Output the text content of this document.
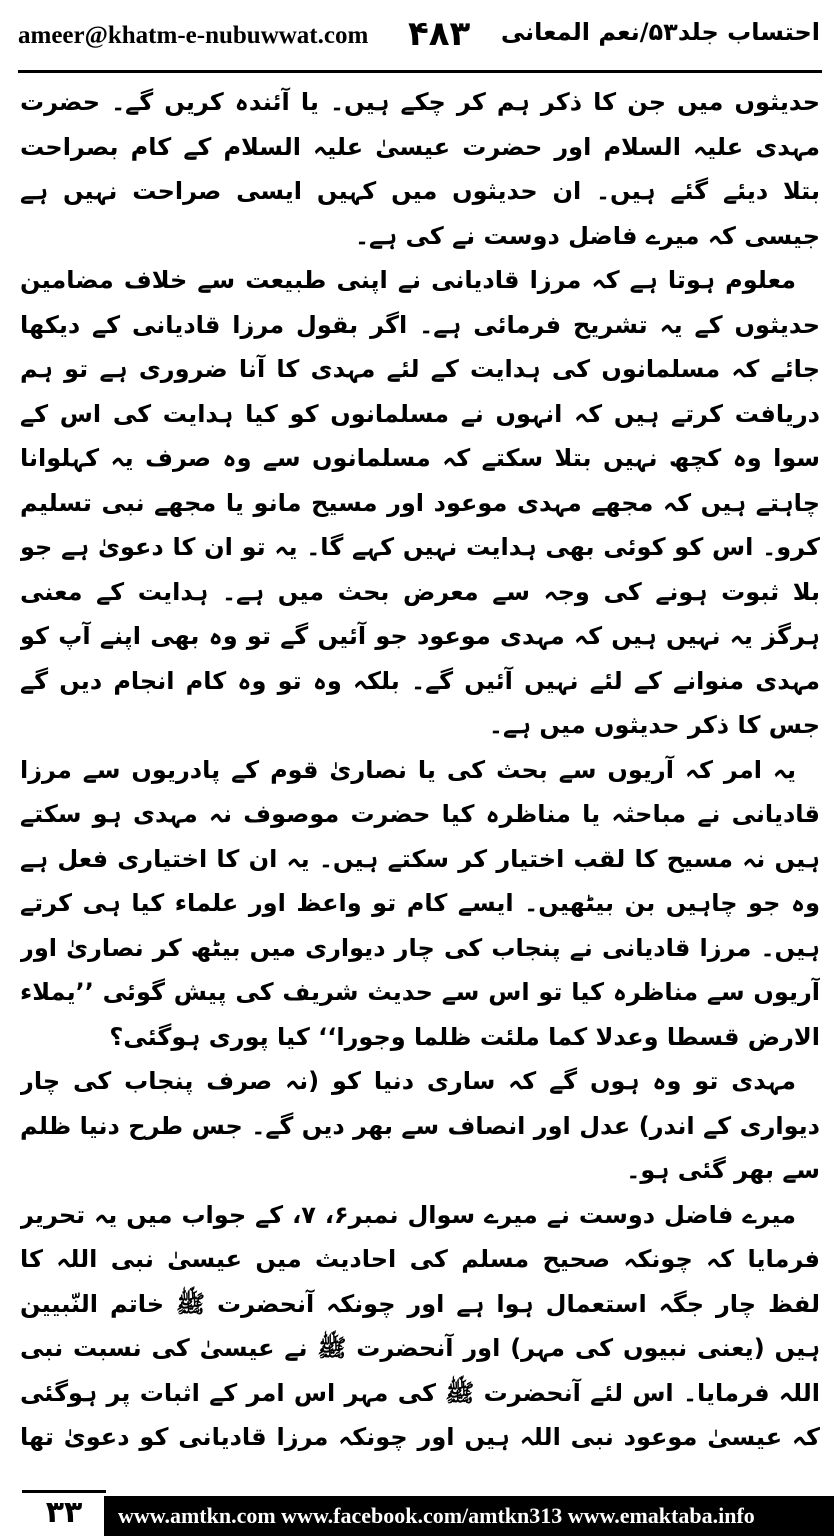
ameer@khatm-e-nubuwwat.com ۴۸۳ احتساب جلد۵۳/نعم المعانی

حدیثوں میں جن کا ذکر ہم کر چکے ہیں۔ یا آئندہ کریں گے۔ حضرت مہدی علیہ السلام اور حضرت عیسیٰ علیہ السلام کے کام بصراحت بتلا دیئے گئے ہیں۔ ان حدیثوں میں کہیں ایسی صراحت نہیں ہے جیسی کہ میرے فاضل دوست نے کی ہے۔

معلوم ہوتا ہے کہ مرزا قادیانی نے اپنی طبیعت سے خلاف مضامین حدیثوں کے یہ تشریح فرمائی ہے۔ اگر بقول مرزا قادیانی کے دیکھا جائے کہ مسلمانوں کی ہدایت کے لئے مہدی کا آنا ضروری ہے تو ہم دریافت کرتے ہیں کہ انہوں نے مسلمانوں کو کیا ہدایت کی اس کے سوا وہ کچھ نہیں بتلا سکتے کہ مسلمانوں سے وہ صرف یہ کہلوانا چاہتے ہیں کہ مجھے مہدی موعود اور مسیح مانو یا مجھے نبی تسلیم کرو۔ اس کو کوئی بھی ہدایت نہیں کہے گا۔ یہ تو ان کا دعویٰ ہے جو بلا ثبوت ہونے کی وجہ سے معرض بحث میں ہے۔ ہدایت کے معنی ہرگز یہ نہیں ہیں کہ مہدی موعود جو آئیں گے تو وہ بھی اپنے آپ کو مہدی منوانے کے لئے نہیں آئیں گے۔ بلکہ وہ تو وہ کام انجام دیں گے جس کا ذکر حدیثوں میں ہے۔

یہ امر کہ آریوں سے بحث کی یا نصاریٰ قوم کے پادریوں سے مرزا قادیانی نے مباحثہ یا مناظرہ کیا حضرت موصوف نہ مہدی ہو سکتے ہیں نہ مسیح کا لقب اختیار کر سکتے ہیں۔ یہ ان کا اختیاری فعل ہے وہ جو چاہیں بن بیٹھیں۔ ایسے کام تو واعظ اور علماء کیا ہی کرتے ہیں۔ مرزا قادیانی نے پنجاب کی چار دیواری میں بیٹھ کر نصاریٰ اور آریوں سے مناظرہ کیا تو اس سے حدیث شریف کی پیش گوئی ’’یملاء الارض قسطا وعدلا کما ملئت ظلما وجورا‘‘ کیا پوری ہوگئی؟

مہدی تو وہ ہوں گے کہ ساری دنیا کو (نہ صرف پنجاب کی چار دیواری کے اندر) عدل اور انصاف سے بھر دیں گے۔ جس طرح دنیا ظلم سے بھر گئی ہو۔

میرے فاضل دوست نے میرے سوال نمبر۶، ۷، کے جواب میں یہ تحریر فرمایا کہ چونکہ صحیح مسلم کی احادیث میں عیسیٰ نبی اللہ کا لفظ چار جگہ استعمال ہوا ہے اور چونکہ آنحضرت ﷺ خاتم النّبیین ہیں (یعنی نبیوں کی مہر) اور آنحضرت ﷺ نے عیسیٰ کی نسبت نبی اللہ فرمایا۔ اس لئے آنحضرت ﷺ کی مہر اس امر کے اثبات پر ہوگئی کہ عیسیٰ موعود نبی اللہ ہیں اور چونکہ مرزا قادیانی کو دعویٰ تھا

۳۳	www.amtkn.com www.facebook.com/amtkn313 www.emaktaba.info
